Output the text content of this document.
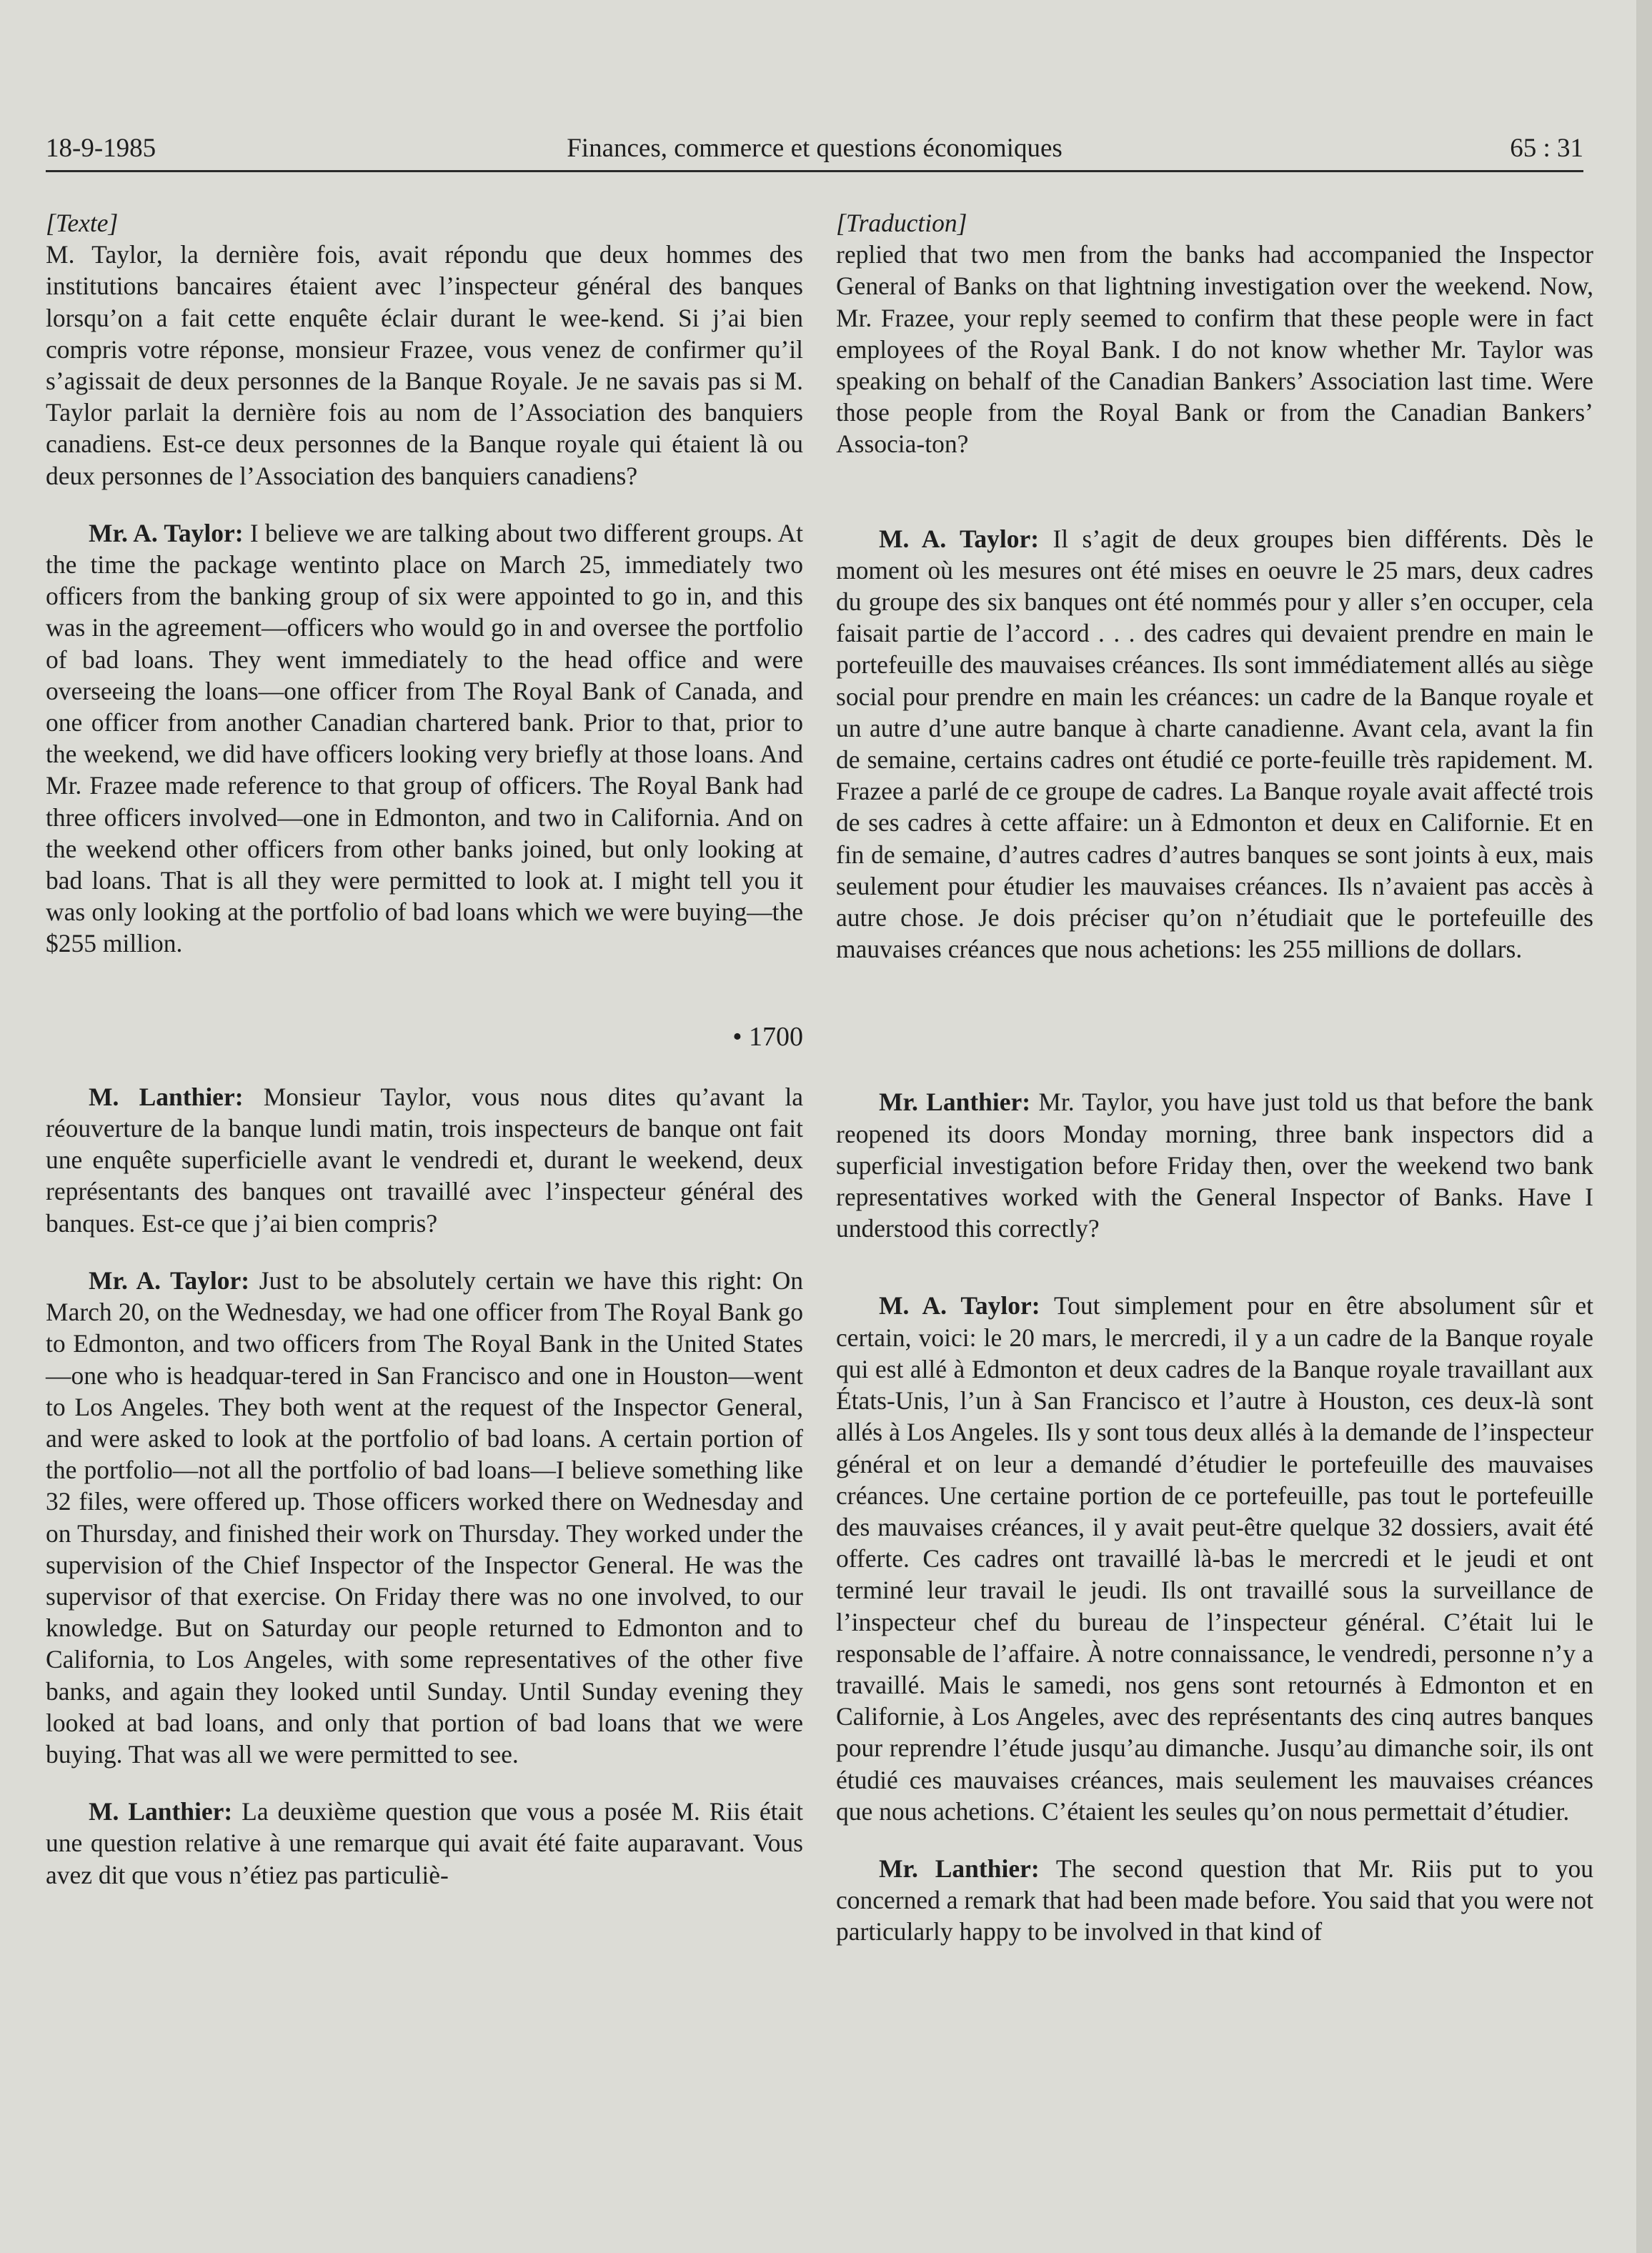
18-9-1985	Finances, commerce et questions économiques	65 : 31

[Texte]

M. Taylor, la dernière fois, avait répondu que deux hommes des institutions bancaires étaient avec l’inspecteur général des banques lorsqu’on a fait cette enquête éclair durant le wee-kend. Si j’ai bien compris votre réponse, monsieur Frazee, vous venez de confirmer qu’il s’agissait de deux personnes de la Banque Royale. Je ne savais pas si M. Taylor parlait la dernière fois au nom de l’Association des banquiers canadiens. Est-ce deux personnes de la Banque royale qui étaient là ou deux personnes de l’Association des banquiers canadiens?

Mr. A. Taylor: I believe we are talking about two different groups. At the time the package wentinto place on March 25, immediately two officers from the banking group of six were appointed to go in, and this was in the agreement—officers who would go in and oversee the portfolio of bad loans. They went immediately to the head office and were overseeing the loans—one officer from The Royal Bank of Canada, and one officer from another Canadian chartered bank. Prior to that, prior to the weekend, we did have officers looking very briefly at those loans. And Mr. Frazee made reference to that group of officers. The Royal Bank had three officers involved—one in Edmonton, and two in California. And on the weekend other officers from other banks joined, but only looking at bad loans. That is all they were permitted to look at. I might tell you it was only looking at the portfolio of bad loans which we were buying—the $255 million.

• 1700

M. Lanthier: Monsieur Taylor, vous nous dites qu’avant la réouverture de la banque lundi matin, trois inspecteurs de banque ont fait une enquête superficielle avant le vendredi et, durant le weekend, deux représentants des banques ont travaillé avec l’inspecteur général des banques. Est-ce que j’ai bien compris?

Mr. A. Taylor: Just to be absolutely certain we have this right: On March 20, on the Wednesday, we had one officer from The Royal Bank go to Edmonton, and two officers from The Royal Bank in the United States—one who is headquar-tered in San Francisco and one in Houston—went to Los Angeles. They both went at the request of the Inspector General, and were asked to look at the portfolio of bad loans. A certain portion of the portfolio—not all the portfolio of bad loans—I believe something like 32 files, were offered up. Those officers worked there on Wednesday and on Thursday, and finished their work on Thursday. They worked under the supervision of the Chief Inspector of the Inspector General. He was the supervisor of that exercise. On Friday there was no one involved, to our knowledge. But on Saturday our people returned to Edmonton and to California, to Los Angeles, with some representatives of the other five banks, and again they looked until Sunday. Until Sunday evening they looked at bad loans, and only that portion of bad loans that we were buying. That was all we were permitted to see.

M. Lanthier: La deuxième question que vous a posée M. Riis était une question relative à une remarque qui avait été faite auparavant. Vous avez dit que vous n’étiez pas particuliè-

[Traduction]

replied that two men from the banks had accompanied the Inspector General of Banks on that lightning investigation over the weekend. Now, Mr. Frazee, your reply seemed to confirm that these people were in fact employees of the Royal Bank. I do not know whether Mr. Taylor was speaking on behalf of the Canadian Bankers’ Association last time. Were those people from the Royal Bank or from the Canadian Bankers’ Associa-ton?

M. A. Taylor: Il s’agit de deux groupes bien différents. Dès le moment où les mesures ont été mises en oeuvre le 25 mars, deux cadres du groupe des six banques ont été nommés pour y aller s’en occuper, cela faisait partie de l’accord . . . des cadres qui devaient prendre en main le portefeuille des mauvaises créances. Ils sont immédiatement allés au siège social pour prendre en main les créances: un cadre de la Banque royale et un autre d’une autre banque à charte canadienne. Avant cela, avant la fin de semaine, certains cadres ont étudié ce porte-feuille très rapidement. M. Frazee a parlé de ce groupe de cadres. La Banque royale avait affecté trois de ses cadres à cette affaire: un à Edmonton et deux en Californie. Et en fin de semaine, d’autres cadres d’autres banques se sont joints à eux, mais seulement pour étudier les mauvaises créances. Ils n’avaient pas accès à autre chose. Je dois préciser qu’on n’étudiait que le portefeuille des mauvaises créances que nous achetions: les 255 millions de dollars.

Mr. Lanthier: Mr. Taylor, you have just told us that before the bank reopened its doors Monday morning, three bank inspectors did a superficial investigation before Friday then, over the weekend two bank representatives worked with the General Inspector of Banks. Have I understood this correctly?

M. A. Taylor: Tout simplement pour en être absolument sûr et certain, voici: le 20 mars, le mercredi, il y a un cadre de la Banque royale qui est allé à Edmonton et deux cadres de la Banque royale travaillant aux États-Unis, l’un à San Francisco et l’autre à Houston, ces deux-là sont allés à Los Angeles. Ils y sont tous deux allés à la demande de l’inspecteur général et on leur a demandé d’étudier le portefeuille des mauvaises créances. Une certaine portion de ce portefeuille, pas tout le portefeuille des mauvaises créances, il y avait peut-être quelque 32 dossiers, avait été offerte. Ces cadres ont travaillé là-bas le mercredi et le jeudi et ont terminé leur travail le jeudi. Ils ont travaillé sous la surveillance de l’inspecteur chef du bureau de l’inspecteur général. C’était lui le responsable de l’affaire. À notre connaissance, le vendredi, personne n’y a travaillé. Mais le samedi, nos gens sont retournés à Edmonton et en Californie, à Los Angeles, avec des représentants des cinq autres banques pour reprendre l’étude jusqu’au dimanche. Jusqu’au dimanche soir, ils ont étudié ces mauvaises créances, mais seulement les mauvaises créances que nous achetions. C’étaient les seules qu’on nous permettait d’étudier.

Mr. Lanthier: The second question that Mr. Riis put to you concerned a remark that had been made before. You said that you were not particularly happy to be involved in that kind of
